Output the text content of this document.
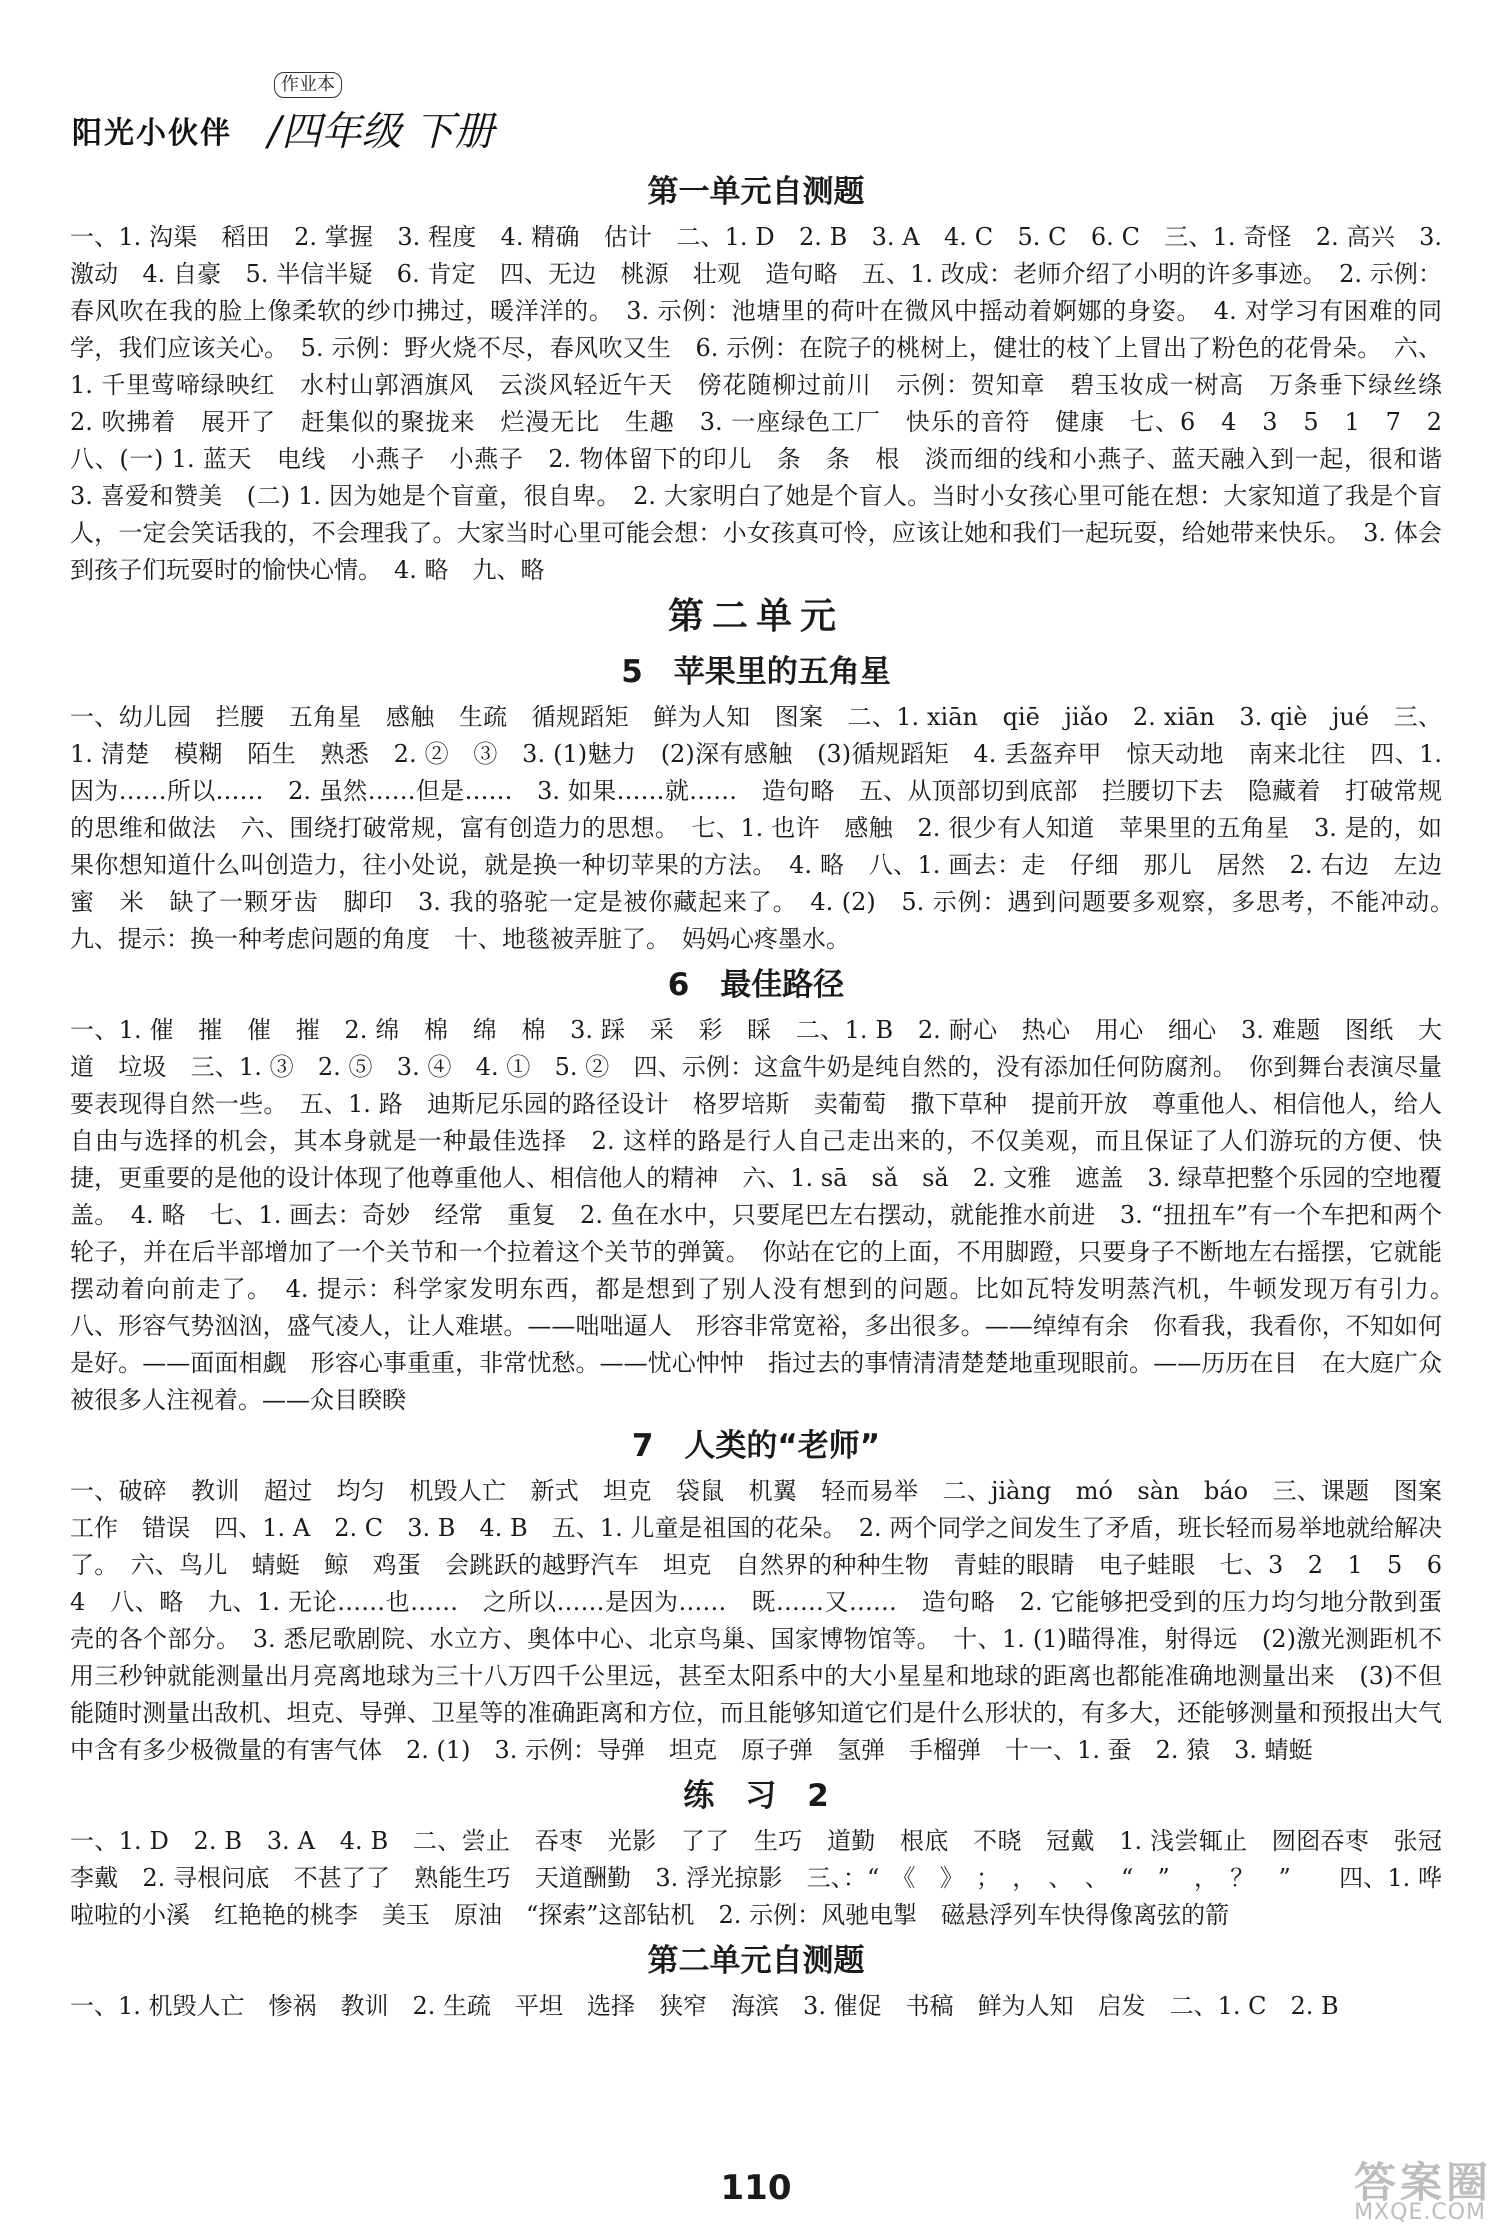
阳光小伙伴
作业本
/四年级 下册
第一单元自测题

一、1. 沟渠　稻田　2. 掌握　3. 程度　4. 精确　估计　二、1. D　2. B　3. A　4. C　5. C　6. C　三、1. 奇怪　2. 高兴　3. 激动　4. 自豪　5. 半信半疑　6. 肯定　四、无边　桃源　壮观　造句略　五、1. 改成：老师介绍了小明的许多事迹。　2. 示例：春风吹在我的脸上像柔软的纱巾拂过，暖洋洋的。　3. 示例：池塘里的荷叶在微风中摇动着婀娜的身姿。　4. 对学习有困难的同学，我们应该关心。　5. 示例：野火烧不尽，春风吹又生　6. 示例：在院子的桃树上，健壮的枝丫上冒出了粉色的花骨朵。　六、1. 千里莺啼绿映红　水村山郭酒旗风　云淡风轻近午天　傍花随柳过前川　示例：贺知章　碧玉妆成一树高　万条垂下绿丝绦　2. 吹拂着　展开了　赶集似的聚拢来　烂漫无比　生趣　3. 一座绿色工厂　快乐的音符　健康　七、6　4　3　5　1　7　2　八、(一) 1. 蓝天　电线　小燕子　小燕子　2. 物体留下的印儿　条　条　根　淡而细的线和小燕子、蓝天融入到一起，很和谐　3. 喜爱和赞美　(二) 1. 因为她是个盲童，很自卑。　2. 大家明白了她是个盲人。当时小女孩心里可能在想：大家知道了我是个盲人，一定会笑话我的，不会理我了。大家当时心里可能会想：小女孩真可怜，应该让她和我们一起玩耍，给她带来快乐。　3. 体会到孩子们玩耍时的愉快心情。　4. 略　九、略

第二单元
5　苹果里的五角星

一、幼儿园　拦腰　五角星　感触　生疏　循规蹈矩　鲜为人知　图案　二、1. xiān　qiē　jiǎo　2. xiān　3. qiè　jué　三、1. 清楚　模糊　陌生　熟悉　2. ②　③　3. (1)魅力　(2)深有感触　(3)循规蹈矩　4. 丢盔弃甲　惊天动地　南来北往　四、1. 因为……所以……　2. 虽然……但是……　3. 如果……就……　造句略　五、从顶部切到底部　拦腰切下去　隐藏着　打破常规的思维和做法　六、围绕打破常规，富有创造力的思想。　七、1. 也许　感触　2. 很少有人知道　苹果里的五角星　3. 是的，如果你想知道什么叫创造力，往小处说，就是换一种切苹果的方法。　4. 略　八、1. 画去：走　仔细　那儿　居然　2. 右边　左边　蜜　米　缺了一颗牙齿　脚印　3. 我的骆驼一定是被你藏起来了。　4. (2)　5. 示例：遇到问题要多观察，多思考，不能冲动。　九、提示：换一种考虑问题的角度　十、地毯被弄脏了。　妈妈心疼墨水。

6　最佳路径

一、1. 催　摧　催　摧　2. 绵　棉　绵　棉　3. 踩　采　彩　睬　二、1. B　2. 耐心　热心　用心　细心　3. 难题　图纸　大道　垃圾　三、1. ③　2. ⑤　3. ④　4. ①　5. ②　四、示例：这盒牛奶是纯自然的，没有添加任何防腐剂。　你到舞台表演尽量要表现得自然一些。　五、1. 路　迪斯尼乐园的路径设计　格罗培斯　卖葡萄　撒下草种　提前开放　尊重他人、相信他人，给人自由与选择的机会，其本身就是一种最佳选择　2. 这样的路是行人自己走出来的，不仅美观，而且保证了人们游玩的方便、快捷，更重要的是他的设计体现了他尊重他人、相信他人的精神　六、1. sā　sǎ　sǎ　2. 文雅　遮盖　3. 绿草把整个乐园的空地覆盖。　4. 略　七、1. 画去：奇妙　经常　重复　2. 鱼在水中，只要尾巴左右摆动，就能推水前进　3. “扭扭车”有一个车把和两个轮子，并在后半部增加了一个关节和一个拉着这个关节的弹簧。　你站在它的上面，不用脚蹬，只要身子不断地左右摇摆，它就能摆动着向前走了。　4. 提示：科学家发明东西，都是想到了别人没有想到的问题。比如瓦特发明蒸汽机，牛顿发现万有引力。　八、形容气势汹汹，盛气凌人，让人难堪。——咄咄逼人　形容非常宽裕，多出很多。——绰绰有余　你看我，我看你，不知如何是好。——面面相觑　形容心事重重，非常忧愁。——忧心忡忡　指过去的事情清清楚楚地重现眼前。——历历在目　在大庭广众被很多人注视着。——众目睽睽

7　人类的“老师”

一、破碎　教训　超过　均匀　机毁人亡　新式　坦克　袋鼠　机翼　轻而易举　二、jiàng　mó　sàn　báo　三、课题　图案　工作　错误　四、1. A　2. C　3. B　4. B　五、1. 儿童是祖国的花朵。　2. 两个同学之间发生了矛盾，班长轻而易举地就给解决了。　六、鸟儿　蜻蜓　鲸　鸡蛋　会跳跃的越野汽车　坦克　自然界的种种生物　青蛙的眼睛　电子蛙眼　七、3　2　1　5　6　4　八、略　九、1. 无论……也……　之所以……是因为……　既……又……　造句略　2. 它能够把受到的压力均匀地分散到蛋壳的各个部分。　3. 悉尼歌剧院、水立方、奥体中心、北京鸟巢、国家博物馆等。　十、1. (1)瞄得准，射得远　(2)激光测距机不用三秒钟就能测量出月亮离地球为三十八万四千公里远，甚至太阳系中的大小星星和地球的距离也都能准确地测量出来　(3)不但能随时测量出敌机、坦克、导弹、卫星等的准确距离和方位，而且能够知道它们是什么形状的，有多大，还能够测量和预报出大气中含有多少极微量的有害气体　2. (1)　3. 示例：导弹　坦克　原子弹　氢弹　手榴弹　十一、1. 蚕　2. 猿　3. 蜻蜓

练　习　2

一、1. D　2. B　3. A　4. B　二、尝止　吞枣　光影　了了　生巧　道勤　根底　不晓　冠戴　1. 浅尝辄止　囫囵吞枣　张冠李戴　2. 寻根问底　不甚了了　熟能生巧　天道酬勤　3. 浮光掠影　三、：“　《　》　；　，　、　、　“　”　，　？　”　　四、1. 哗啦啦的小溪　红艳艳的桃李　美玉　原油　“探索”这部钻机　2. 示例：风驰电掣　磁悬浮列车快得像离弦的箭

第二单元自测题

一、1. 机毁人亡　惨祸　教训　2. 生疏　平坦　选择　狭窄　海滨　3. 催促　书稿　鲜为人知　启发　二、1. C　2. B

110	答案圈
MXQE.COM
